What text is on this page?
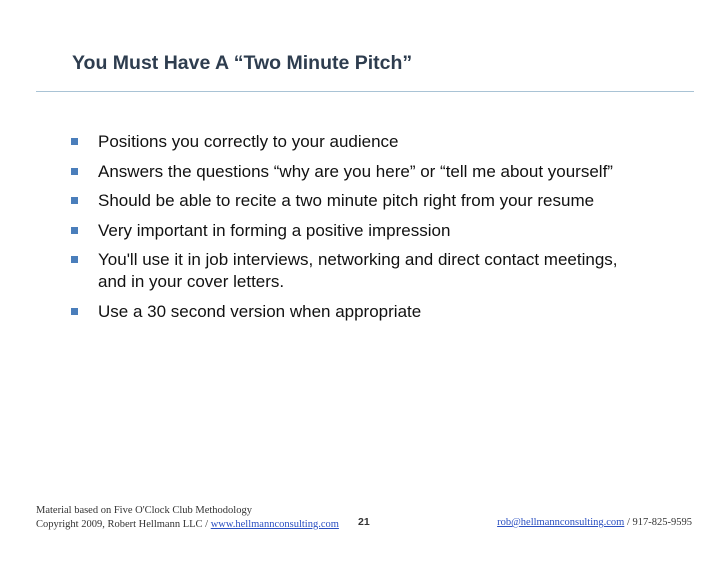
You Must Have A “Two Minute Pitch”
Positions you correctly to your audience
Answers the questions “why are you here” or “tell me about yourself”
Should be able to recite a two minute pitch right from your resume
Very important in forming a positive impression
You'll use it in job interviews, networking and direct contact meetings, and in your cover letters.
Use a 30 second version when appropriate
Material based on Five O'Clock Club Methodology
Copyright 2009, Robert Hellmann LLC / www.hellmannconsulting.com 21	rob@hellmannconsulting.com / 917-825-9595
